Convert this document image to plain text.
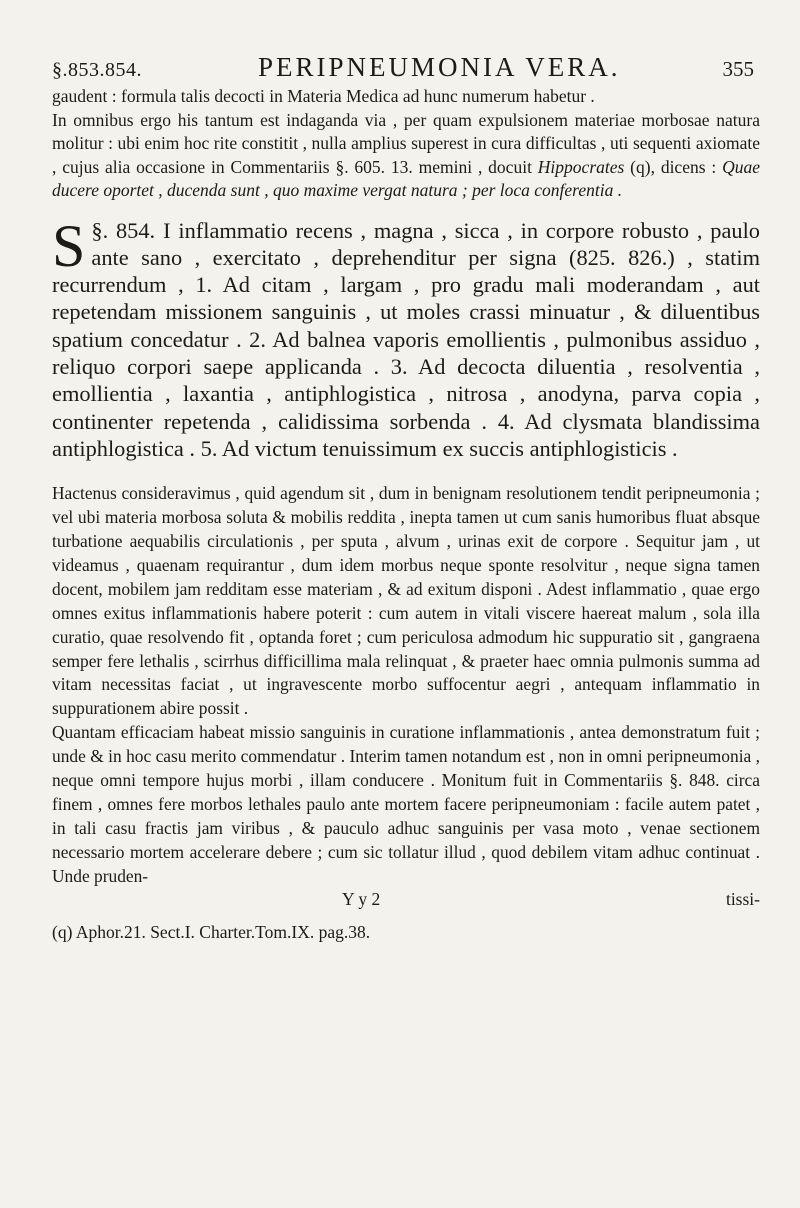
§.853.854.	PERIPNEUMONIA VERA.	355

gaudent : formula talis decocti in Materia Medica ad hunc numerum habetur .

In omnibus ergo his tantum est indaganda via , per quam expulsionem materiae morbosae natura molitur : ubi enim hoc rite constitit , nulla amplius superest in cura difficultas , uti sequenti axiomate , cujus alia occasione in Commentariis §. 605. 13. memini , docuit Hippocrates (q), dicens : Quae ducere oportet , ducenda sunt , quo maxime vergat natura ; per loca conferentia .

§. 854.
S	I inflammatio recens , magna , sicca , in corpore robusto , paulo ante sano , exercitato , deprehenditur per signa (825. 826.) , statim recurrendum , 1. Ad citam , largam , pro gradu mali moderandam , aut repetendam missionem sanguinis , ut moles crassi minuatur , & diluentibus spatium concedatur . 2. Ad balnea vaporis emollientis , pulmonibus assiduo , reliquo corpori saepe applicanda . 3. Ad decocta diluentia , resolventia , emollientia , laxantia , antiphlogistica , nitrosa , anodyna, parva copia , continenter repetenda , calidissima sorbenda . 4. Ad clysmata blandissima antiphlogistica . 5. Ad victum tenuissimum ex succis antiphlogisticis .

Hactenus consideravimus , quid agendum sit , dum in benignam resolutionem tendit peripneumonia ; vel ubi materia morbosa soluta & mobilis reddita , inepta tamen ut cum sanis humoribus fluat absque turbatione aequabilis circulationis , per sputa , alvum , urinas exit de corpore . Sequitur jam , ut videamus , quaenam requirantur , dum idem morbus neque sponte resolvitur , neque signa tamen docent, mobilem jam redditam esse materiam , & ad exitum disponi . Adest inflammatio , quae ergo omnes exitus inflammationis habere poterit : cum autem in vitali viscere haereat malum , sola illa curatio, quae resolvendo fit , optanda foret ; cum periculosa admodum hic suppuratio sit , gangraena semper fere lethalis , scirrhus difficillima mala relinquat , & praeter haec omnia pulmonis summa ad vitam necessitas faciat , ut ingravescente morbo suffocentur aegri , antequam inflammatio in suppurationem abire possit .

Quantam efficaciam habeat missio sanguinis in curatione inflammationis , antea demonstratum fuit ; unde & in hoc casu merito commendatur . Interim tamen notandum est , non in omni peripneumonia , neque omni tempore hujus morbi , illam conducere . Monitum fuit in Commentariis §. 848. circa finem , omnes fere morbos lethales paulo ante mortem facere peripneumoniam : facile autem patet , in tali casu fractis jam viribus , & pauculo adhuc sanguinis per vasa moto , venae sectionem necessario mortem accelerare debere ; cum sic tollatur illud , quod debilem vitam adhuc continuat . Unde pruden-

Y y 2	tissi-
(q) Aphor.21. Sect.I. Charter.Tom.IX. pag.38.
